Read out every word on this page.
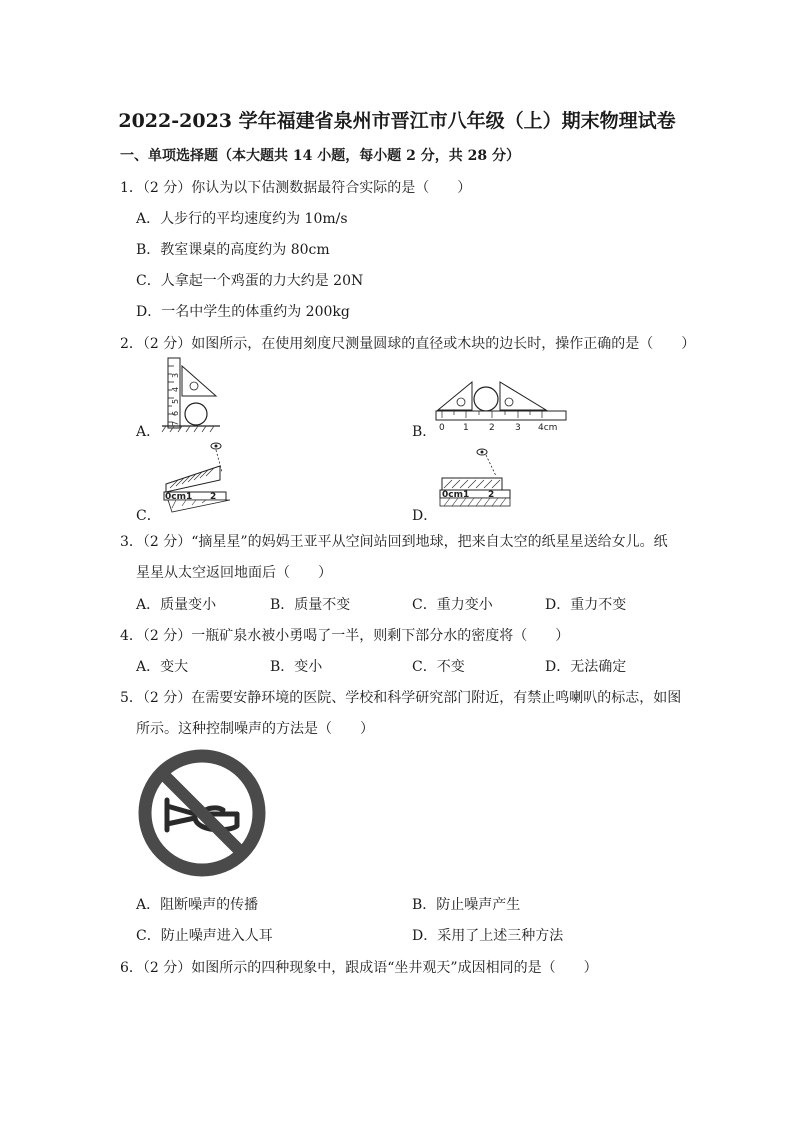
2022-2023 学年福建省泉州市晋江市八年级（上）期末物理试卷
一、单项选择题（本大题共 14 小题，每小题 2 分，共 28 分）
1．（2 分）你认为以下估测数据最符合实际的是（　　）
A．人步行的平均速度约为 10m/s
B．教室课桌的高度约为 80cm
C．人拿起一个鸡蛋的力大约是 20N
D．一名中学生的体重约为 200kg
2．（2 分）如图所示，在使用刻度尺测量圆球的直径或木块的边长时，操作正确的是（　　）
3
4
5
6
7
A．	0 1 2 3 4cm
B．
0cm1 2
C．
0cm1 2
D．
3．（2 分）“摘星星”的妈妈王亚平从空间站回到地球，把来自太空的纸星星送给女儿。纸
星星从太空返回地面后（　　）
A．质量变小	B．质量不变	C．重力变小	D．重力不变
4．（2 分）一瓶矿泉水被小勇喝了一半，则剩下部分水的密度将（　　）
A．变大	B．变小	C．不变	D．无法确定
5．（2 分）在需要安静环境的医院、学校和科学研究部门附近，有禁止鸣喇叭的标志，如图
所示。这种控制噪声的方法是（　　）
A．阻断噪声的传播	B．防止噪声产生
C．防止噪声进入人耳	D．采用了上述三种方法
6．（2 分）如图所示的四种现象中，跟成语“坐井观天”成因相同的是（　　）
